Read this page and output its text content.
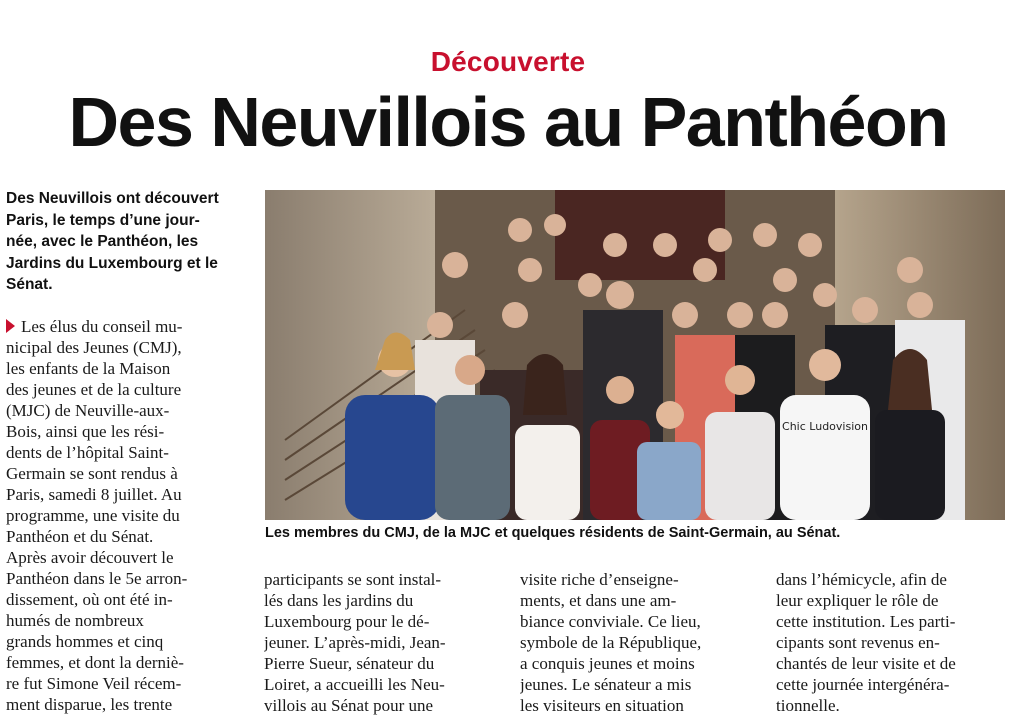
Découverte
Des Neuvillois au Panthéon
Des Neuvillois ont découvert
Paris, le temps d’une jour-
née, avec le Panthéon, les
Jardins du Luxembourg et le
Sénat.
Les élus du conseil mu-
nicipal des Jeunes (CMJ),
les enfants de la Maison
des jeunes et de la culture
(MJC) de Neuville-aux-
Bois, ainsi que les rési-
dents de l’hôpital Saint-
Germain se sont rendus à
Paris, samedi 8 juillet. Au
programme, une visite du
Panthéon et du Sénat.
Après avoir découvert le
Panthéon dans le 5e arron-
dissement, où ont été in-
humés de nombreux
grands hommes et cinq
femmes, et dont la derniè-
re fut Simone Veil récem-
ment disparue, les trente
participants se sont instal-
lés dans les jardins du
Luxembourg pour le dé-
jeuner. L’après-midi, Jean-
Pierre Sueur, sénateur du
Loiret, a accueilli les Neu-
villois au Sénat pour une
visite riche d’enseigne-
ments, et dans une am-
biance conviviale. Ce lieu,
symbole de la République,
a conquis jeunes et moins
jeunes. Le sénateur a mis
les visiteurs en situation
dans l’hémicycle, afin de
leur expliquer le rôle de
cette institution. Les parti-
cipants sont revenus en-
chantés de leur visite et de
cette journée intergénéra-
tionnelle.
Chic Ludovision
Les membres du CMJ, de la MJC et quelques résidents de Saint-Germain, au Sénat.
